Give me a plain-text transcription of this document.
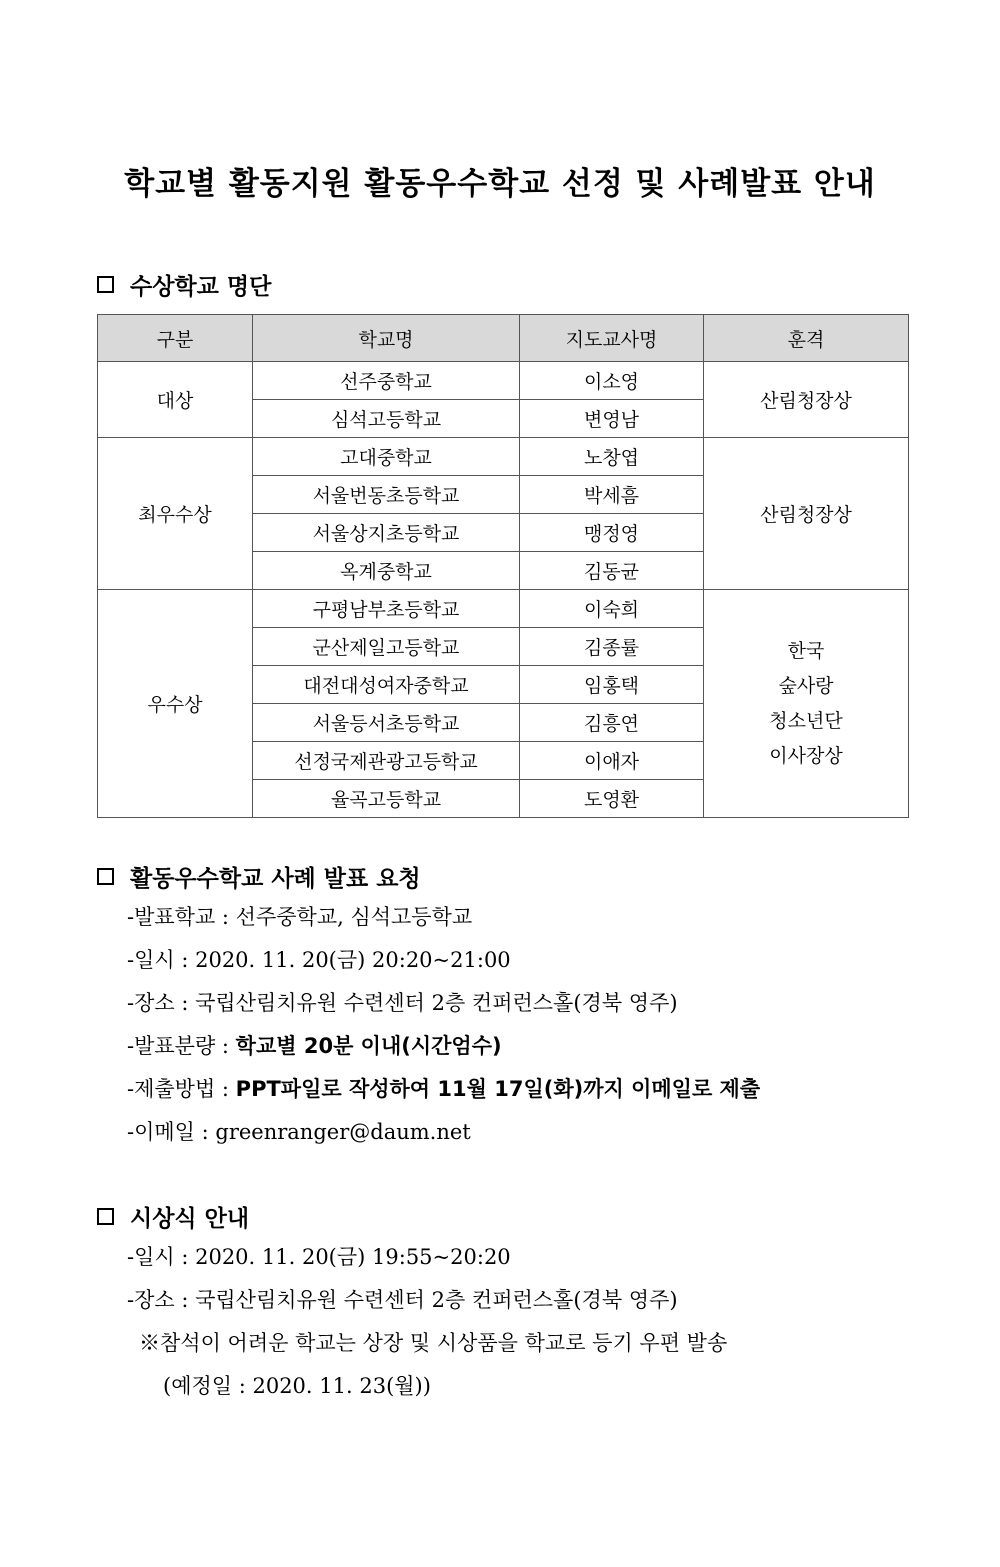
학교별 활동지원 활동우수학교 선정 및 사례발표 안내
수상학교 명단
구분	학교명	지도교사명	훈격
대상	선주중학교	이소영	산림청장상
	심석고등학교	변영남	
최우수상	고대중학교	노창엽	산림청장상
	서울번동초등학교	박세흠	
	서울상지초등학교	맹정영	
	옥계중학교	김동균	
우수상	구평남부초등학교	이숙희	한국
숲사랑
청소년단
이사장상

	군산제일고등학교	김종률	
	대전대성여자중학교	임홍택	
	서울등서초등학교	김흥연	
	선정국제관광고등학교	이애자	
	율곡고등학교	도영환	
활동우수학교 사례 발표 요청
-발표학교 : 선주중학교, 심석고등학교
-일시 : 2020. 11. 20(금) 20:20~21:00
-장소 : 국립산림치유원 수련센터 2층 컨퍼런스홀(경북 영주)
-발표분량 : 학교별 20분 이내(시간엄수)
-제출방법 : PPT파일로 작성하여 11월 17일(화)까지 이메일로 제출
-이메일 : greenranger@daum.net
시상식 안내
-일시 : 2020. 11. 20(금) 19:55~20:20
-장소 : 국립산림치유원 수련센터 2층 컨퍼런스홀(경북 영주)
※참석이 어려운 학교는 상장 및 시상품을 학교로 등기 우편 발송
(예정일 : 2020. 11. 23(월))
